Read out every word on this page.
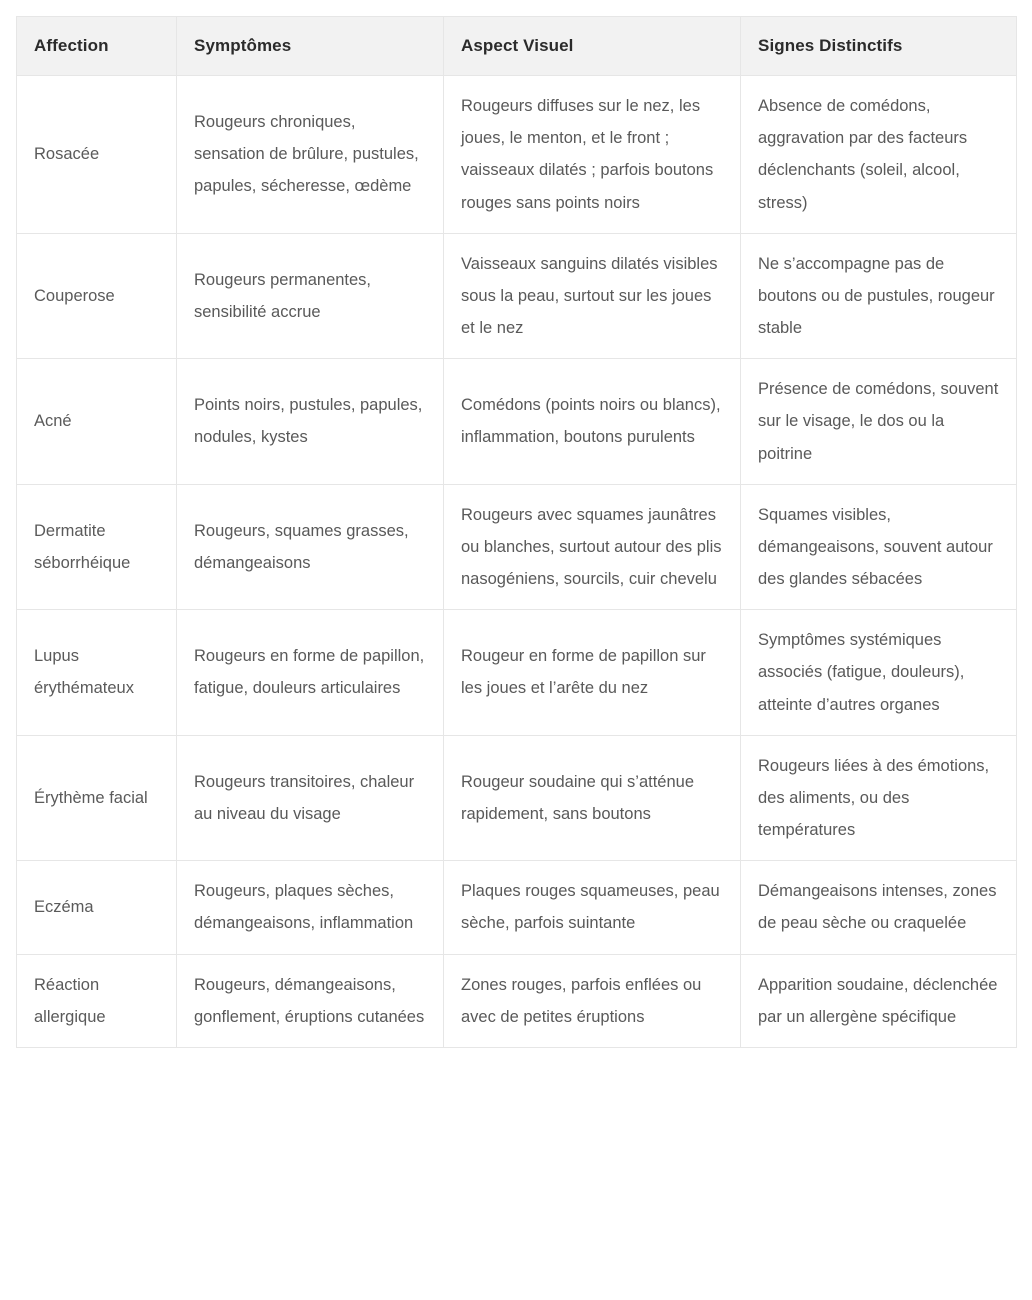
Affection	Symptômes	Aspect Visuel	Signes Distinctifs
Rosacée	Rougeurs chroniques, sensation de brûlure, pustules, papules, sécheresse, œdème	Rougeurs diffuses sur le nez, les joues, le menton, et le front ; vaisseaux dilatés ; parfois boutons rouges sans points noirs	Absence de comédons, aggravation par des facteurs déclenchants (soleil, alcool, stress)
Couperose	Rougeurs permanentes, sensibilité accrue	Vaisseaux sanguins dilatés visibles sous la peau, surtout sur les joues et le nez	Ne s’accompagne pas de boutons ou de pustules, rougeur stable
Acné	Points noirs, pustules, papules, nodules, kystes	Comédons (points noirs ou blancs), inflammation, boutons purulents	Présence de comédons, souvent sur le visage, le dos ou la poitrine
Dermatite séborrhéique	Rougeurs, squames grasses, démangeaisons	Rougeurs avec squames jaunâtres ou blanches, surtout autour des plis nasogéniens, sourcils, cuir chevelu	Squames visibles, démangeaisons, souvent autour des glandes sébacées
Lupus érythémateux	Rougeurs en forme de papillon, fatigue, douleurs articulaires	Rougeur en forme de papillon sur les joues et l’arête du nez	Symptômes systémiques associés (fatigue, douleurs), atteinte d’autres organes
Érythème facial	Rougeurs transitoires, chaleur au niveau du visage	Rougeur soudaine qui s’atténue rapidement, sans boutons	Rougeurs liées à des émotions, des aliments, ou des températures
Eczéma	Rougeurs, plaques sèches, démangeaisons, inflammation	Plaques rouges squameuses, peau sèche, parfois suintante	Démangeaisons intenses, zones de peau sèche ou craquelée
Réaction allergique	Rougeurs, démangeaisons, gonflement, éruptions cutanées	Zones rouges, parfois enflées ou avec de petites éruptions	Apparition soudaine, déclenchée par un allergène spécifique
